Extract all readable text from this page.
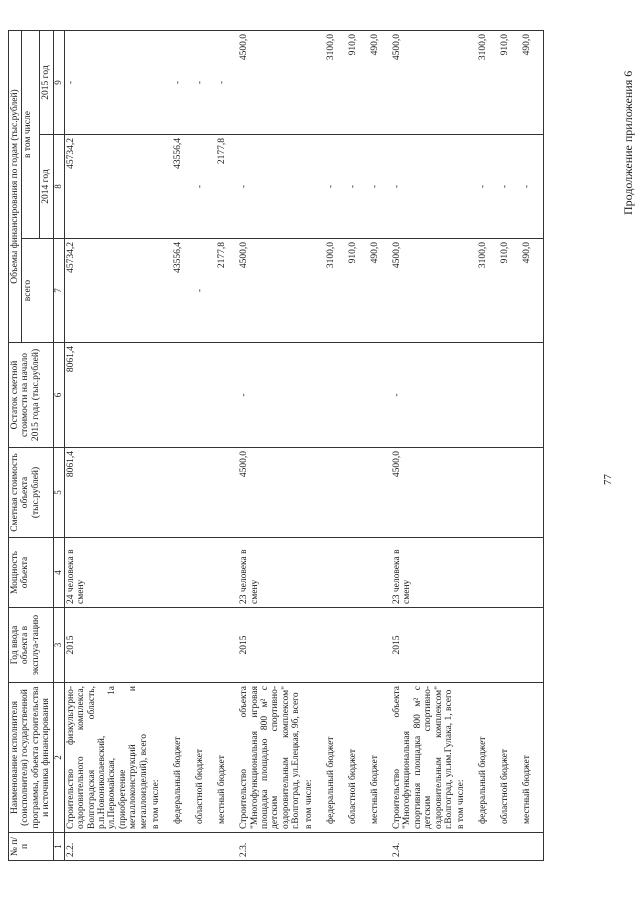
77
Продолжение приложения 6
№ п/п	Наименование исполнителя (соисполнителя) государственной программы, объекта строительства и источника финансирования	Год ввода объекта в эксплуа-тацию	Мощность объекта	Сметная стоимость объекта (тыс.рублей)	Остаток сметной стоимости на начало 2015 года (тыс.рублей)	Объемы финансирования по годам (тыс.рублей)		
						всего	в том числе	
							2014 год	2015 год
1	2	3	4	5	6	7	8	9
2.2.	Строительство физкультурно-оздоровительного комплекса, Волгоградская область, р.п.Новониколаевский, ул.Первомайская, 1а (приобретение металлоконструкций и металлоизделий), всего	2015	24 человека в смену	8061,4	8061,4	45734,2	45734,2	-
	в том числе:							
	федеральный бюджет					43556,4	43556,4	-
	областной бюджет					-	-	-
	местный бюджет					2177,8	2177,8	-
2.3.	Строительство объекта "Многофункциональная игровая площадка площадью 800 м² с детским спортивно-оздоровительным комплексом" г.Волгоград, ул.Елецкая, 9б, всего	2015	23 человека в смену	4500,0	-	4500,0	-	4500,0
	в том числе:							
	федеральный бюджет					3100,0	-	3100,0
	областной бюджет					910,0	-	910,0
	местный бюджет					490,0	-	490,0
2.4.	Строительство объекта "Многофункциональная спортивная площадка 800 м² с детским спортивно-оздоровительным комплексом" г.Волгоград, ул.им.Гулака, 1, всего	2015	23 человека в смену	4500,0	-	4500,0	-	4500,0
	в том числе:							
	федеральный бюджет					3100,0	-	3100,0
	областной бюджет					910,0	-	910,0
	местный бюджет					490,0	-	490,0
